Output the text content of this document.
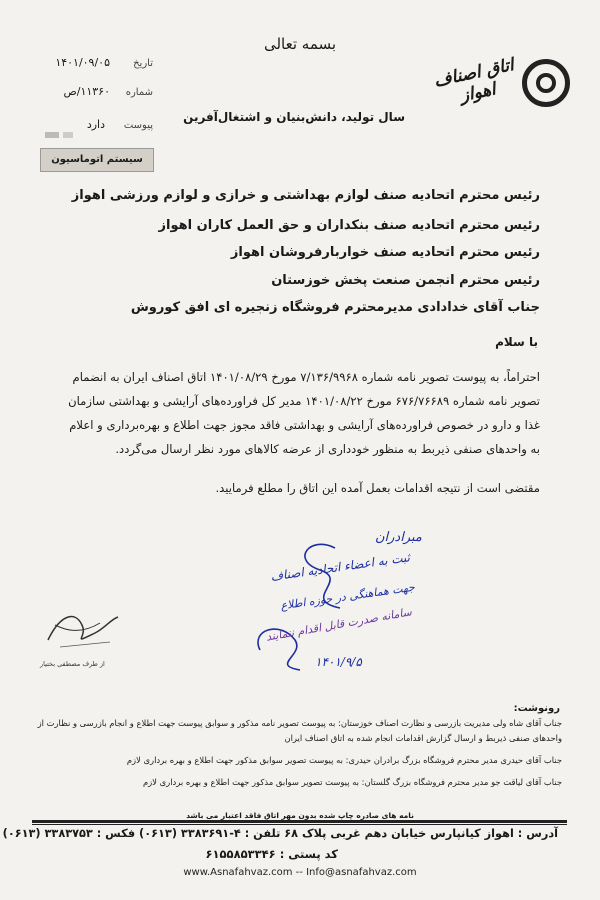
بسمه تعالی
اتاق اصناف اهواز
سال تولید، دانش‌بنیان و اشتغال‌آفرین
تاریخ
۱۴۰۱/۰۹/۰۵
شماره
۱۱۳۶۰/ص
پیوست
دارد
سیستم اتوماسیون
رئیس محترم اتحادیه صنف لوازم بهداشتی و خرازی و لوازم ورزشی اهواز
رئیس محترم اتحادیه صنف بنکداران و حق العمل کاران اهواز
رئیس محترم اتحادیه صنف خواربارفروشان اهواز
رئیس محترم انجمن صنعت پخش خوزستان
جناب آقای خدادادی مدیرمحترم فروشگاه زنجیره ای افق کوروش
با سلام
احتراماً، به پیوست تصویر نامه شماره ۷/۱۳۶/۹۹۶۸ مورخ ۱۴۰۱/۰۸/۲۹ اتاق اصناف ایران به انضمام
تصویر نامه شماره ۶۷۶/۷۶۶۸۹ مورخ ۱۴۰۱/۰۸/۲۲ مدیر کل فراورده‌های آرایشی و بهداشتی سازمان
غذا و دارو در خصوص فراورده‌های آرایشی و بهداشتی فاقد مجوز جهت اطلاع و بهره‌برداری و اعلام
به واحدهای صنفی ذیربط به منظور خودداری از عرضه کالاهای مورد نظر ارسال می‌گردد.
مقتضی است از نتیجه اقدامات بعمل آمده این اتاق را مطلع فرمایید.
مبرادران
ثبت به اعضاء اتحادیه اصناف
جهت هماهنگی در حوزه اطلاع
سامانه صدرت قابل اقدام ننمایند
۱۴۰۱/۹/۵
از طرف مصطفی بختیار
رونوشت:
جناب آقای شاه ولی مدیریت بازرسی و نظارت اصناف خوزستان: به پیوست تصویر نامه مذکور و سوابق پیوست جهت اطلاع و انجام بازرسی و نظارت از
واحدهای صنفی ذیربط و ارسال گزارش اقدامات انجام شده به اتاق اصناف ایران
جناب آقای حیدری مدیر محترم فروشگاه بزرگ برادران حیدری: به پیوست تصویر سوابق مذکور جهت اطلاع و بهره برداری لازم
جناب آقای لیاقت جو مدیر محترم فروشگاه بزرگ گلستان: به پیوست تصویر سوابق مذکور جهت اطلاع و بهره برداری لازم
نامه های صادره چاپ شده بدون مهر اتاق فاقد اعتبار می باشد
آدرس : اهواز کیانپارس خیابان دهم غربی پلاک ۶۸ تلفن : ۴-۳۳۸۳۶۹۱ (۰۶۱۳) فکس : ۳۳۸۳۷۵۳ (۰۶۱۳)
کد پستی : ۶۱۵۵۸۵۳۳۴۶
www.Asnafahvaz.com -- Info@asnafahvaz.com
